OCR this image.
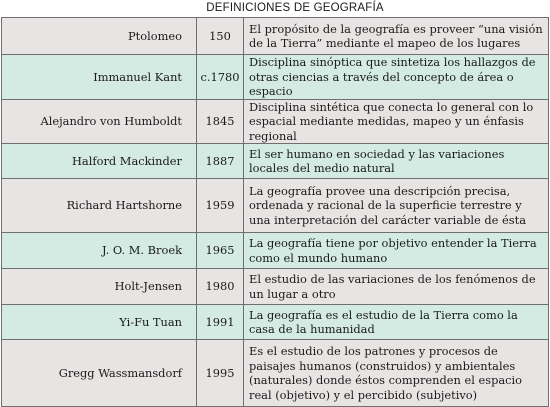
DEFINICIONES DE GEOGRAFÍA
Ptolomeo	150	El propósito de la geografía es proveer “una visión de la Tierra” mediante el mapeo de los lugares
Immanuel Kant	c.1780	Disciplina sinóptica que sintetiza los hallazgos de otras ciencias a través del concepto de área o espacio
Alejandro von Humboldt	1845	Disciplina sintética que conecta lo general con lo espacial mediante medidas, mapeo y un énfasis regional
Halford Mackinder	1887	El ser humano en sociedad y las variaciones locales del medio natural
Richard Hartshorne	1959	La geografía provee una descripción precisa, ordenada y racional de la superficie terrestre y una interpretación del carácter variable de ésta
J. O. M. Broek	1965	La geografía tiene por objetivo entender la Tierra como el mundo humano
Holt-Jensen	1980	El estudio de las variaciones de los fenómenos de un lugar a otro
Yi-Fu Tuan	1991	La geografía es el estudio de la Tierra como la casa de la humanidad
Gregg Wassmansdorf	1995	Es el estudio de los patrones y procesos de paisajes humanos (construidos) y ambientales (naturales) donde éstos comprenden el espacio real (objetivo) y el percibido (subjetivo)
